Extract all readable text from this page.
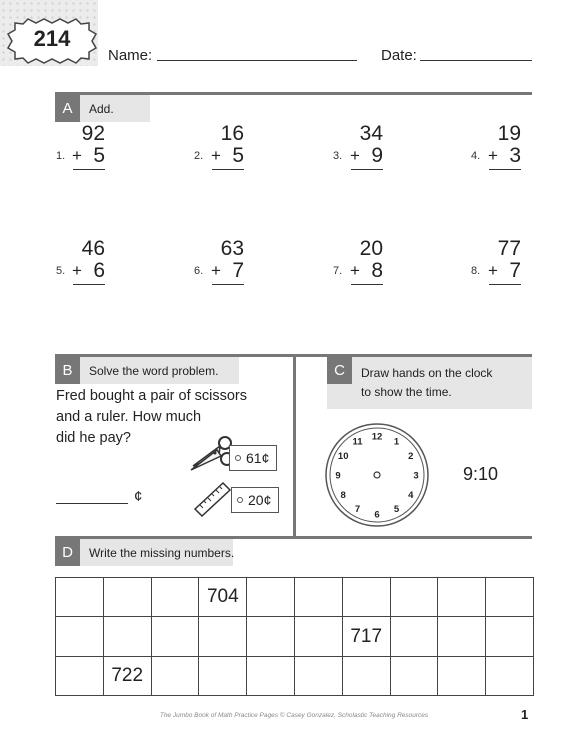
214
Name:	Date:
A	Add.
92
1. + 5
16
2. + 5
34
3. + 9
19
4. + 3
46
5. + 6
63
6. + 7
20
7. + 8
77
8. + 7
B	Solve the word problem.
Fred bought a pair of scissors
and a ruler. How much
did he pay?
61¢
20¢
¢
C	Draw hands on the clock
to show the time.
12 1
2
3
4
5
6
7
8
9
10
11
9:10
D	Write the missing numbers.
			704						
						717			
	722								
The Jumbo Book of Math Practice Pages © Casey Gonzalez, Scholastic Teaching Resources	1
